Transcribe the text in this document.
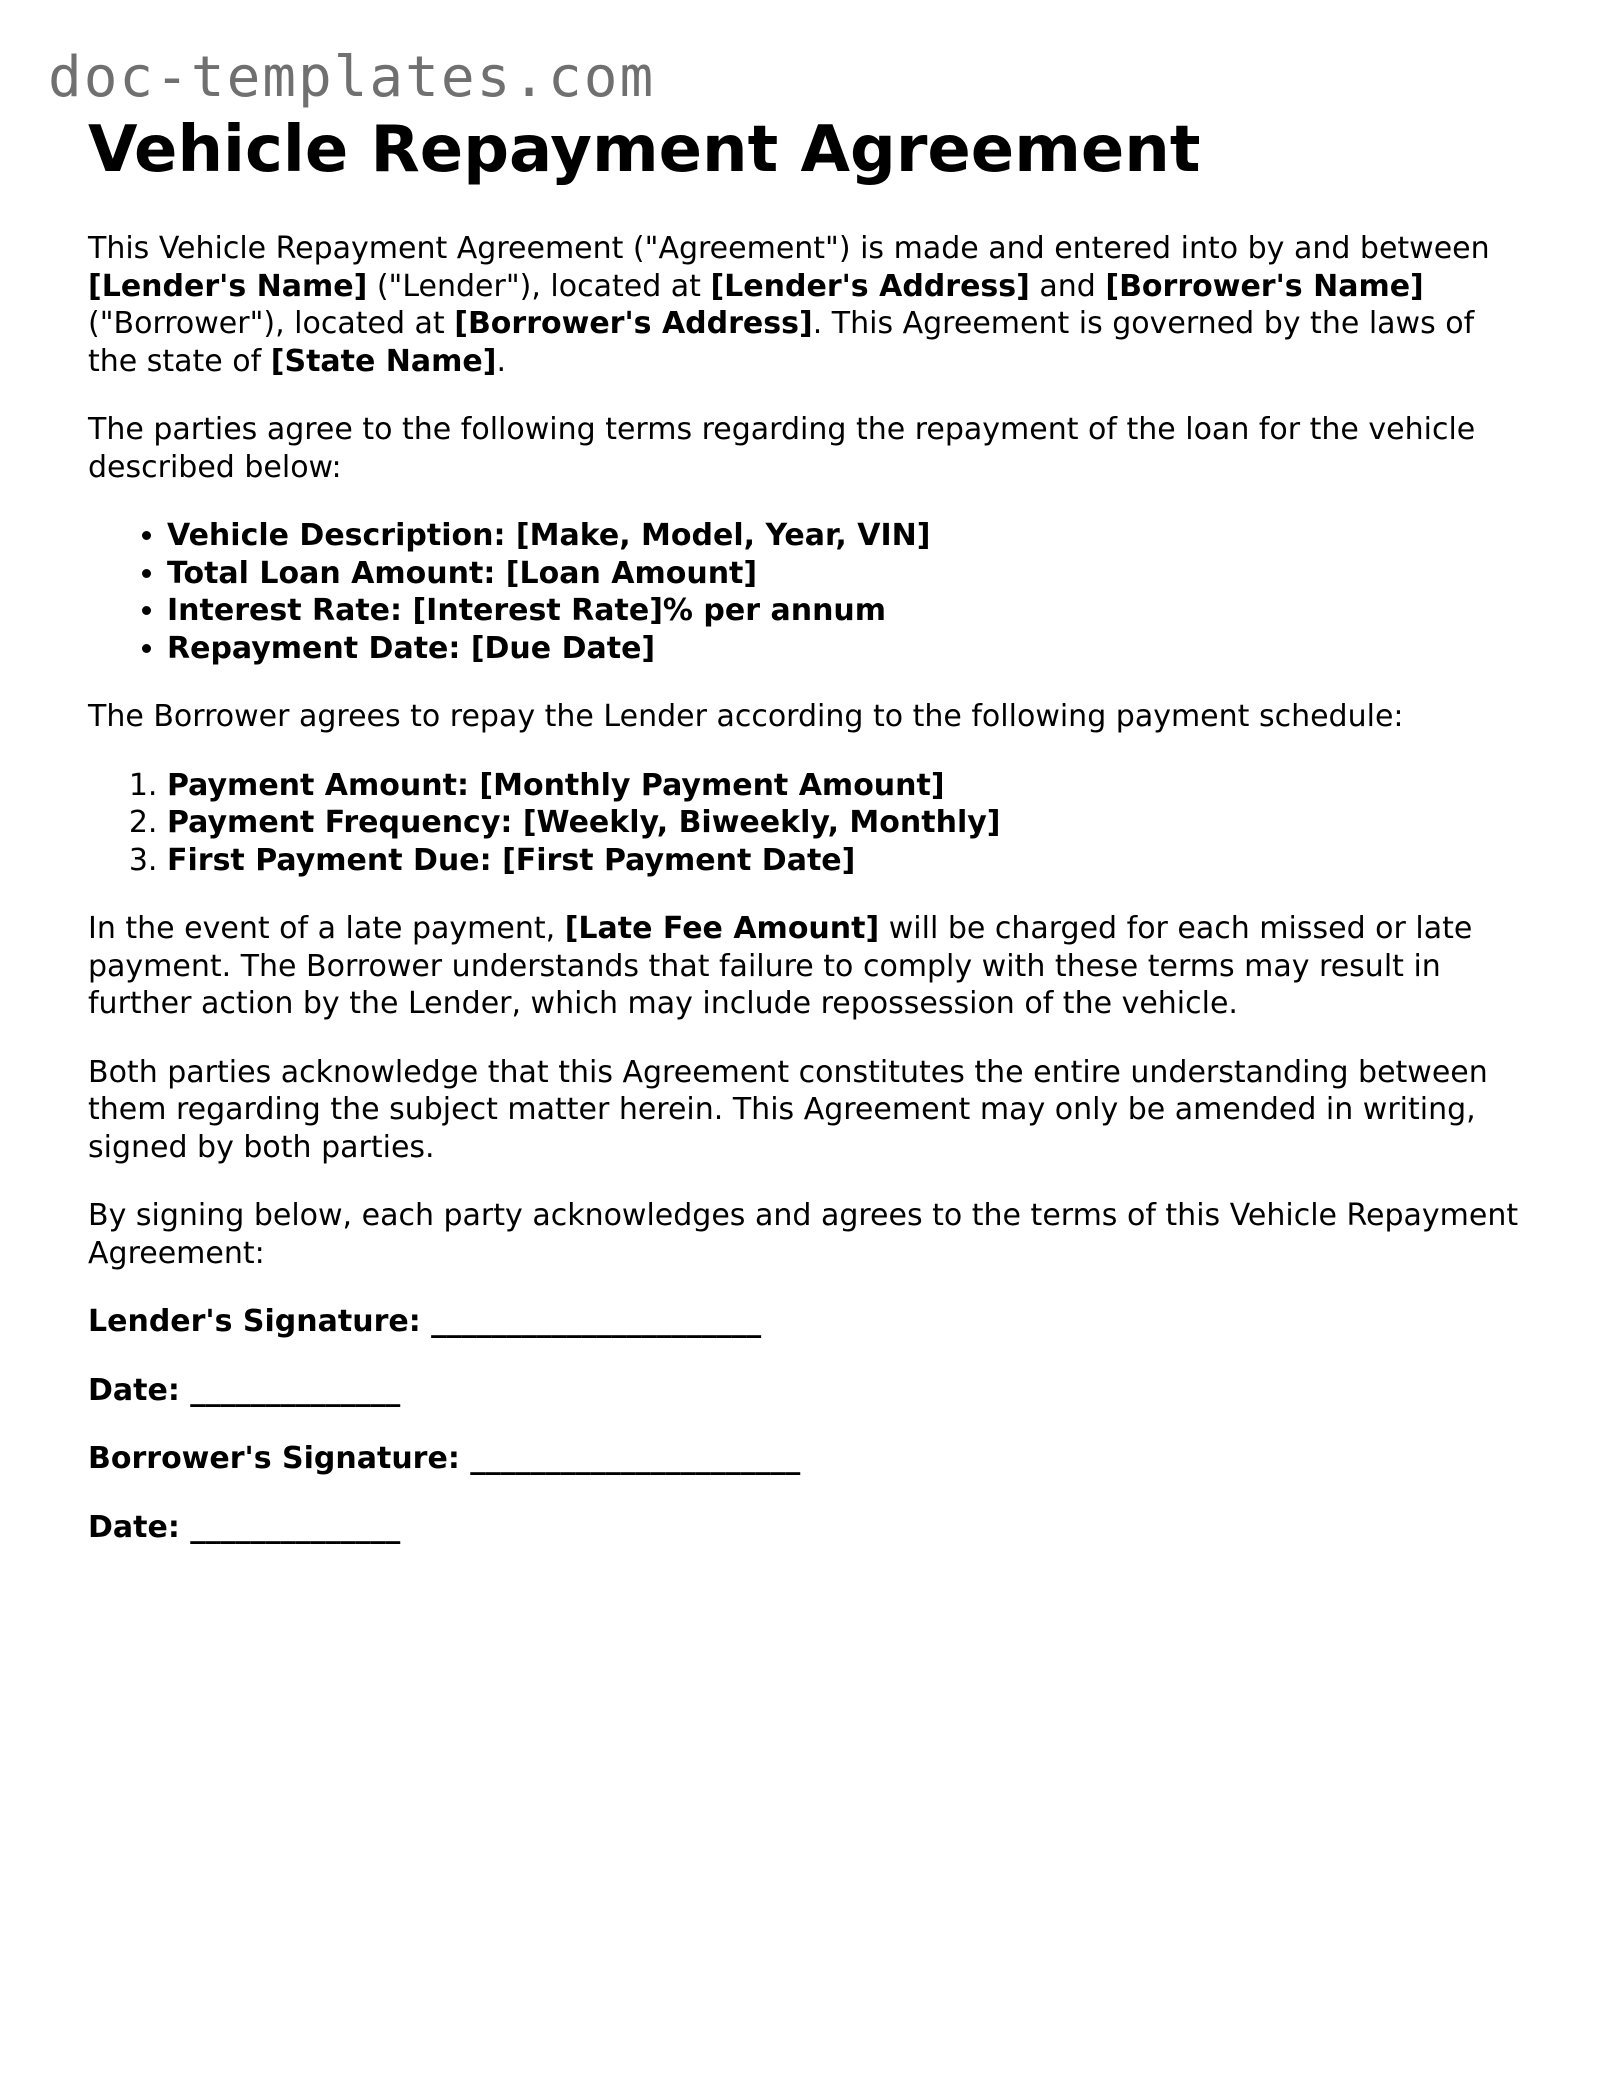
doc-templates.com
Vehicle Repayment Agreement

This Vehicle Repayment Agreement ("Agreement") is made and entered into by and between [Lender's Name] ("Lender"), located at [Lender's Address] and [Borrower's Name] ("Borrower"), located at [Borrower's Address]. This Agreement is governed by the laws of the state of [State Name].

The parties agree to the following terms regarding the repayment of the loan for the vehicle described below:

• Vehicle Description: [Make, Model, Year, VIN]
• Total Loan Amount: [Loan Amount]
• Interest Rate: [Interest Rate]% per annum
• Repayment Date: [Due Date]

The Borrower agrees to repay the Lender according to the following payment schedule:

1. Payment Amount: [Monthly Payment Amount]
2. Payment Frequency: [Weekly, Biweekly, Monthly]
3. First Payment Due: [First Payment Date]

In the event of a late payment, [Late Fee Amount] will be charged for each missed or late payment. The Borrower understands that failure to comply with these terms may result in further action by the Lender, which may include repossession of the vehicle.

Both parties acknowledge that this Agreement constitutes the entire understanding between them regarding the subject matter herein. This Agreement may only be amended in writing, signed by both parties.

By signing below, each party acknowledges and agrees to the terms of this Vehicle Repayment Agreement:

Lender's Signature: ______________________
Date: ______________
Borrower's Signature: ______________________
Date: ______________
